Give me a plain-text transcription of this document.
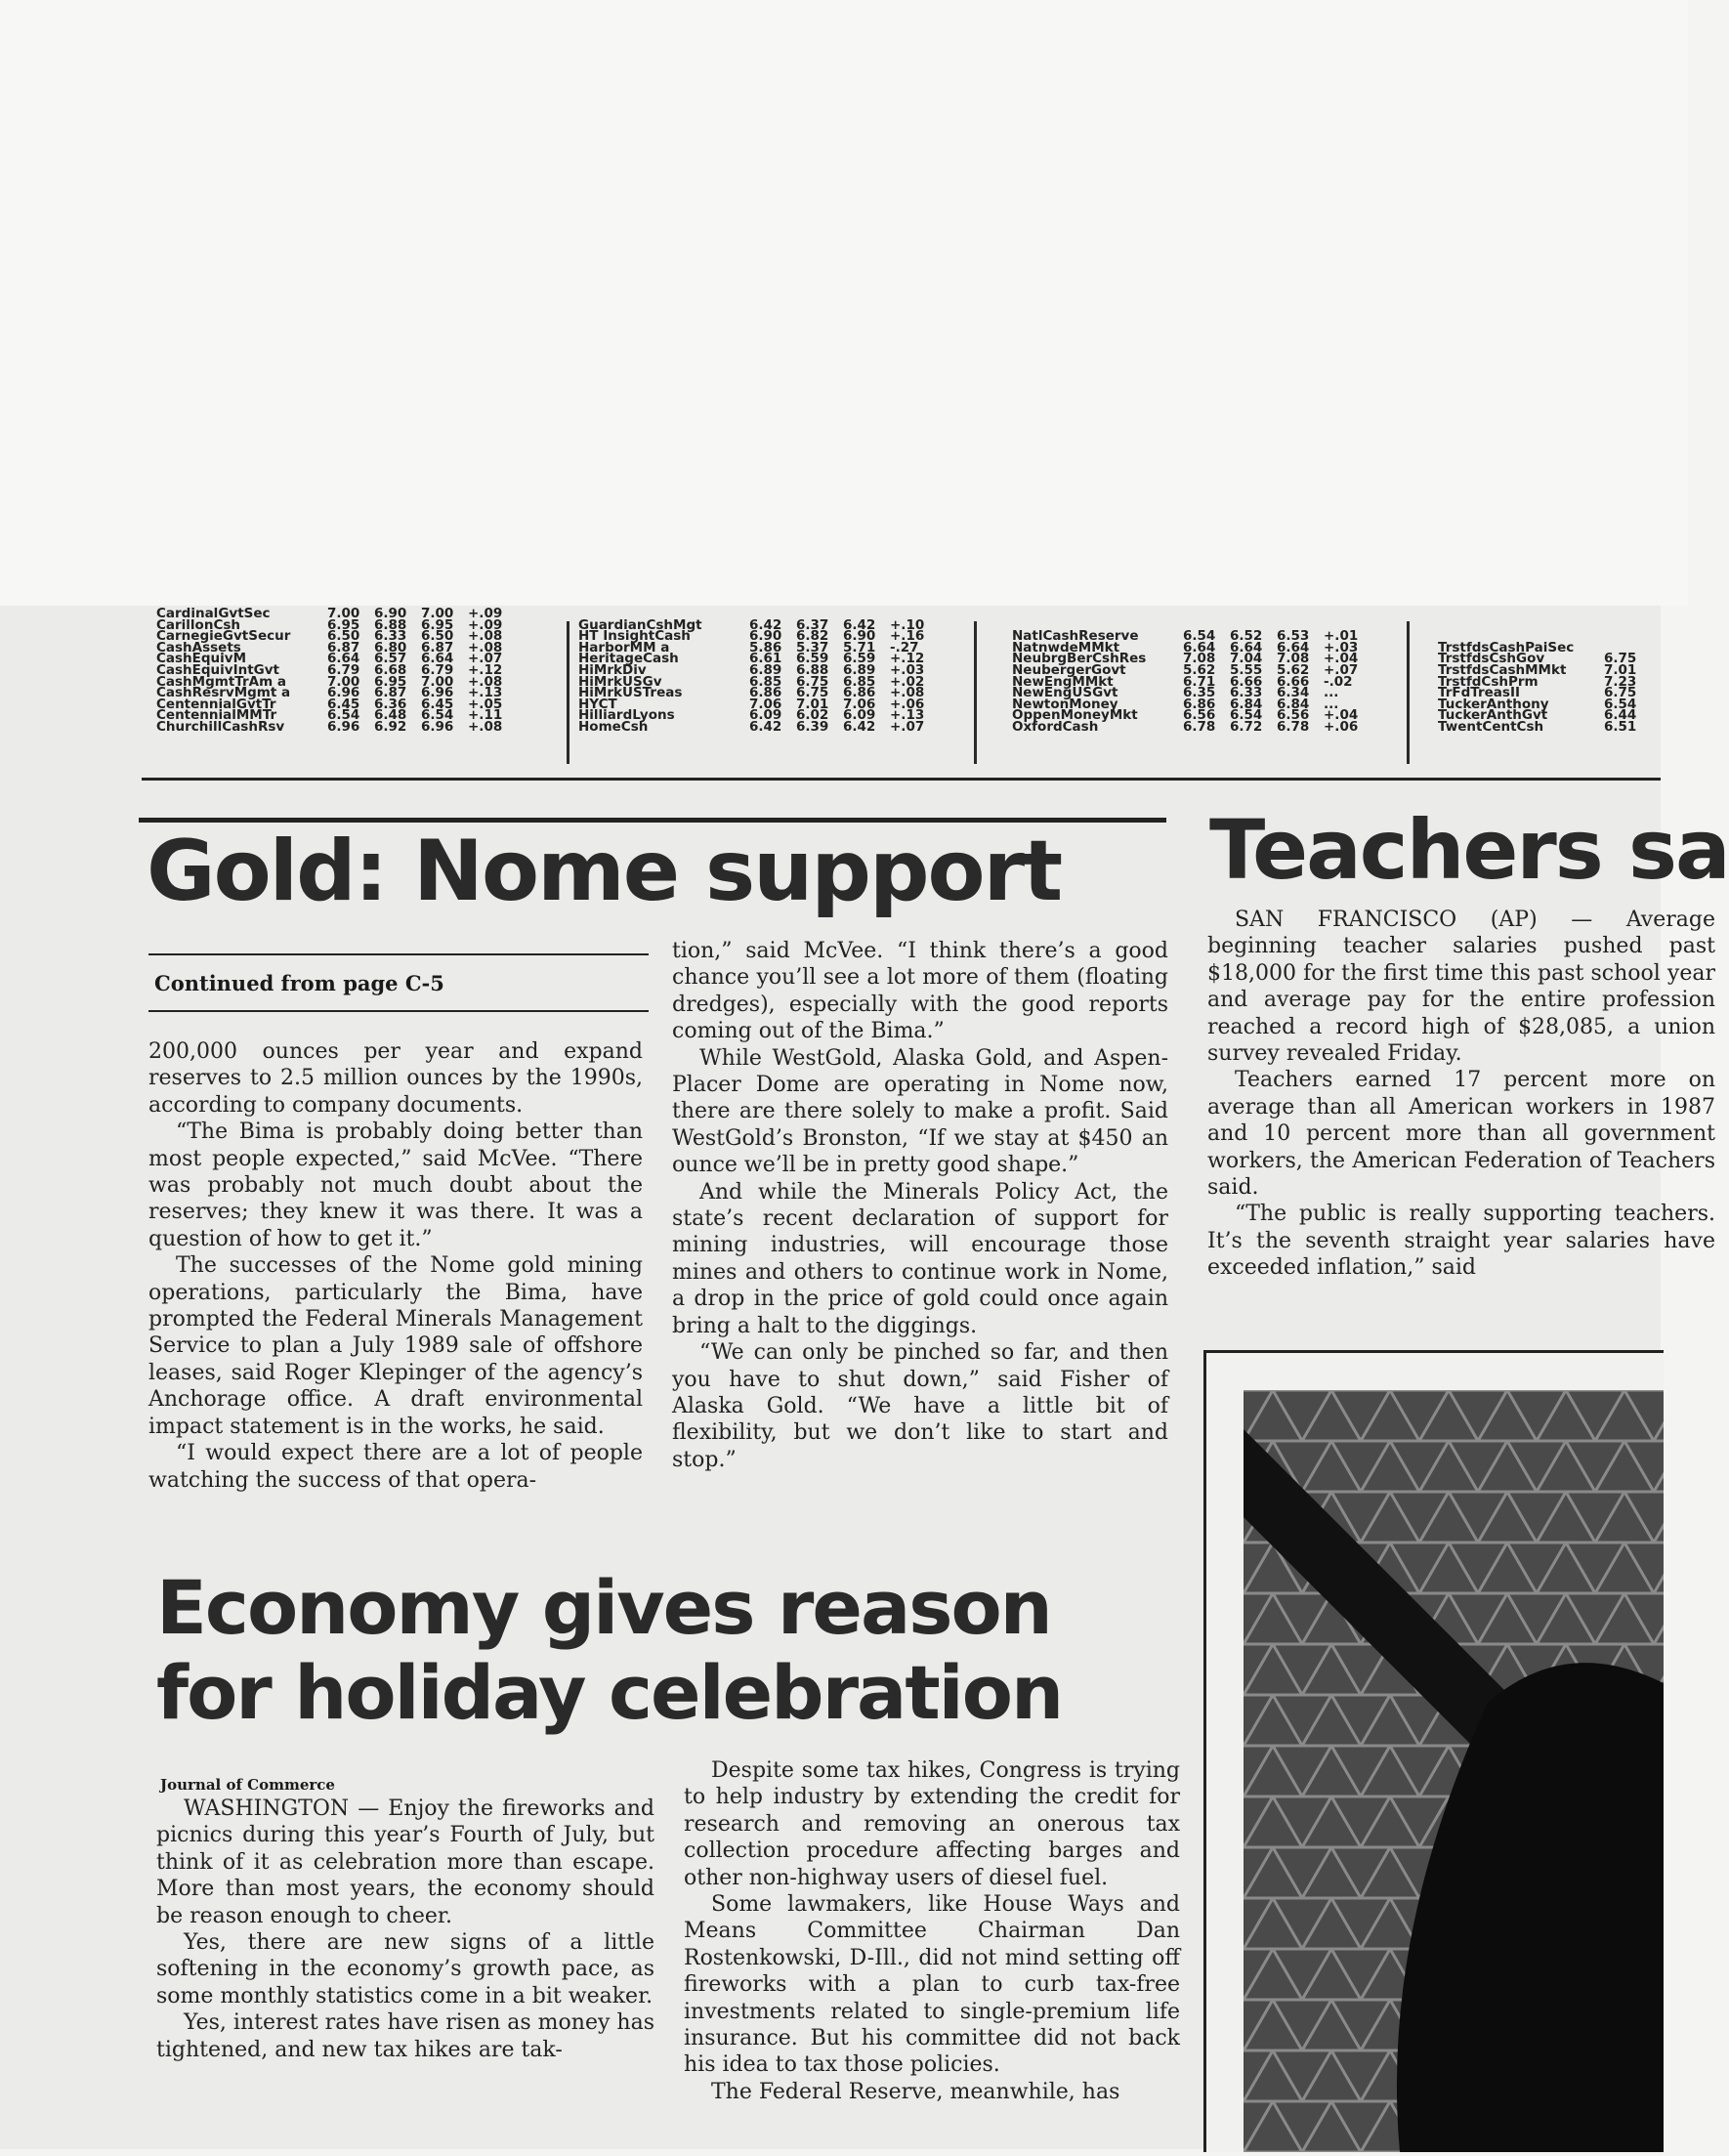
CardinalGvtSec	7.00	6.90	7.00	+.09
CarillonCsh	6.95	6.88	6.95	+.09
CarnegieGvtSecur	6.50	6.33	6.50	+.08
CashAssets	6.87	6.80	6.87	+.08
CashEquivM	6.64	6.57	6.64	+.07
CashEquivIntGvt	6.79	6.68	6.79	+.12
CashMgmtTrAm a	7.00	6.95	7.00	+.08
CashResrvMgmt a	6.96	6.87	6.96	+.13
CentennialGvtTr	6.45	6.36	6.45	+.05
CentennialMMTr	6.54	6.48	6.54	+.11
ChurchillCashRsv	6.96	6.92	6.96	+.08
GuardianCshMgt	6.42	6.37	6.42	+.10
HT InsightCash	6.90	6.82	6.90	+.16
HarborMM a	5.86	5.37	5.71	-.27
HeritageCash	6.61	6.59	6.59	+.12
HiMrkDiv	6.89	6.88	6.89	+.03
HiMrkUSGv	6.85	6.75	6.85	+.02
HiMrkUSTreas	6.86	6.75	6.86	+.08
HYCT	7.06	7.01	7.06	+.06
HilliardLyons	6.09	6.02	6.09	+.13
HomeCsh	6.42	6.39	6.42	+.07
NatlCashReserve	6.54	6.52	6.53	+.01
NatnwdeMMkt	6.64	6.64	6.64	+.03
NeubrgBerCshRes	7.08	7.04	7.08	+.04
NeubergerGovt	5.62	5.55	5.62	+.07
NewEngMMkt	6.71	6.66	6.66	-.02
NewEngUSGvt	6.35	6.33	6.34	...
NewtonMoney	6.86	6.84	6.84	...
OppenMoneyMkt	6.56	6.54	6.56	+.04
OxfordCash	6.78	6.72	6.78	+.06
TrstfdsCashPaiSec
TrstfdsCshGov	6.75
TrstfdsCashMMkt	7.01
TrstfdCshPrm	7.23
TrFdTreasII	6.75
TuckerAnthony	6.54
TuckerAnthGvt	6.44
TwentCentCsh	6.51
Gold: Nome support
Continued from page C-5

200,000 ounces per year and expand reserves to 2.5 million ounces by the 1990s, according to company documents.

“The Bima is probably doing better than most people expected,” said McVee. “There was probably not much doubt about the reserves; they knew it was there. It was a question of how to get it.”

The successes of the Nome gold mining operations, particularly the Bima, have prompted the Federal Minerals Management Service to plan a July 1989 sale of offshore leases, said Roger Klepinger of the agency’s Anchorage office. A draft environmental impact statement is in the works, he said.

“I would expect there are a lot of people watching the success of that opera-

tion,” said McVee. “I think there’s a good chance you’ll see a lot more of them (floating dredges), especially with the good reports coming out of the Bima.”

While WestGold, Alaska Gold, and Aspen-Placer Dome are operating in Nome now, there are there solely to make a profit. Said WestGold’s Bronston, “If we stay at $450 an ounce we’ll be in pretty good shape.”

And while the Minerals Policy Act, the state’s recent declaration of support for mining industries, will encourage those mines and others to continue work in Nome, a drop in the price of gold could once again bring a halt to the diggings.

“We can only be pinched so far, and then you have to shut down,” said Fisher of Alaska Gold. “We have a little bit of flexibility, but we don’t like to start and stop.”

Economy gives reason
for holiday celebration
Journal of Commerce

WASHINGTON — Enjoy the fireworks and picnics during this year’s Fourth of July, but think of it as celebration more than escape. More than most years, the economy should be reason enough to cheer.

Yes, there are new signs of a little softening in the economy’s growth pace, as some monthly statistics come in a bit weaker.

Yes, interest rates have risen as money has tightened, and new tax hikes are tak-

Despite some tax hikes, Congress is trying to help industry by extending the credit for research and removing an onerous tax collection procedure affecting barges and other non-highway users of diesel fuel.

Some lawmakers, like House Ways and Means Committee Chairman Dan Rostenkowski, D-Ill., did not mind setting off fireworks with a plan to curb tax-free investments related to single-premium life insurance. But his committee did not back his idea to tax those policies.

The Federal Reserve, meanwhile, has

Teachers sa

SAN FRANCISCO (AP) — Average beginning teacher salaries pushed past $18,000 for the first time this past school year and average pay for the entire profession reached a record high of $28,085, a union survey revealed Friday.

Teachers earned 17 percent more on average than all American workers in 1987 and 10 percent more than all government workers, the American Federation of Teachers said.

“The public is really supporting teachers. It’s the seventh straight year salaries have exceeded inflation,” said
